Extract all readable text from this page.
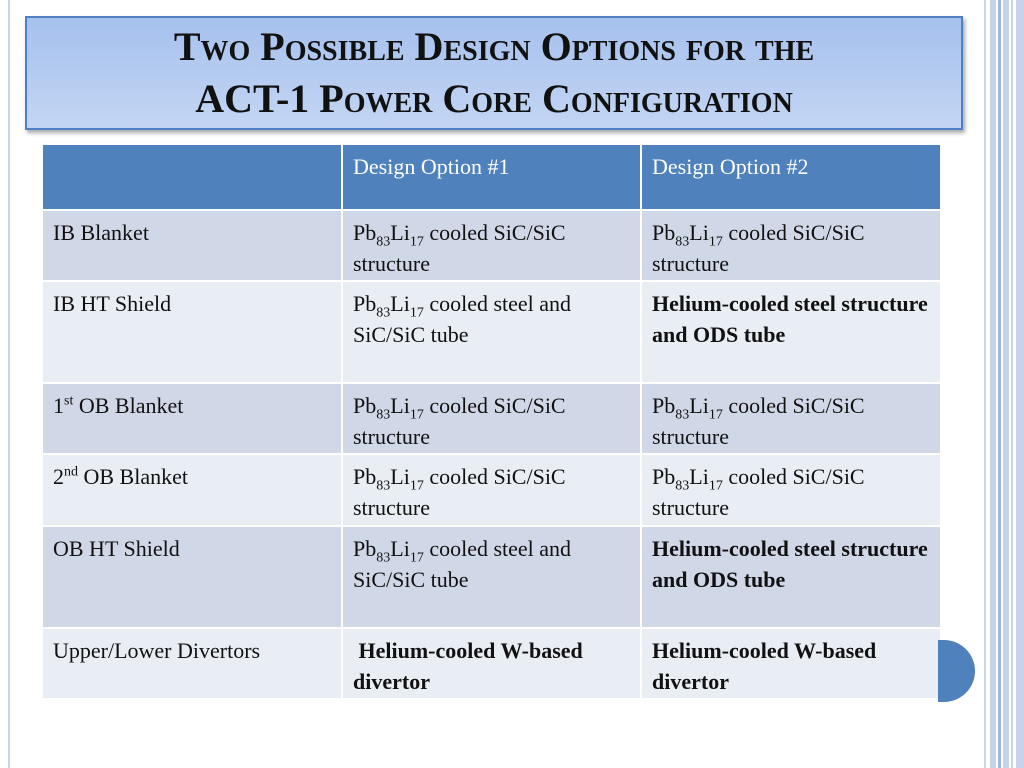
Two Possible Design Options for the
ACT-1 Power Core Configuration
	Design Option #1	Design Option #2
IB Blanket	$Pb_{83}Li_{17}$ cooled SiC/SiC structure	$Pb_{83}Li_{17}$ cooled SiC/SiC structure
IB HT Shield	$Pb_{83}Li_{17}$ cooled steel and SiC/SiC tube	Helium-cooled steel structure and ODS tube
1st OB Blanket	$Pb_{83}Li_{17}$ cooled SiC/SiC structure	$Pb_{83}Li_{17}$ cooled SiC/SiC structure
2nd OB Blanket	$Pb_{83}Li_{17}$ cooled SiC/SiC structure	$Pb_{83}Li_{17}$ cooled SiC/SiC structure
OB HT Shield	$Pb_{83}Li_{17}$ cooled steel and SiC/SiC tube	Helium-cooled steel structure and ODS tube
Upper/Lower Divertors	Helium-cooled W-based divertor	Helium-cooled W-based divertor
